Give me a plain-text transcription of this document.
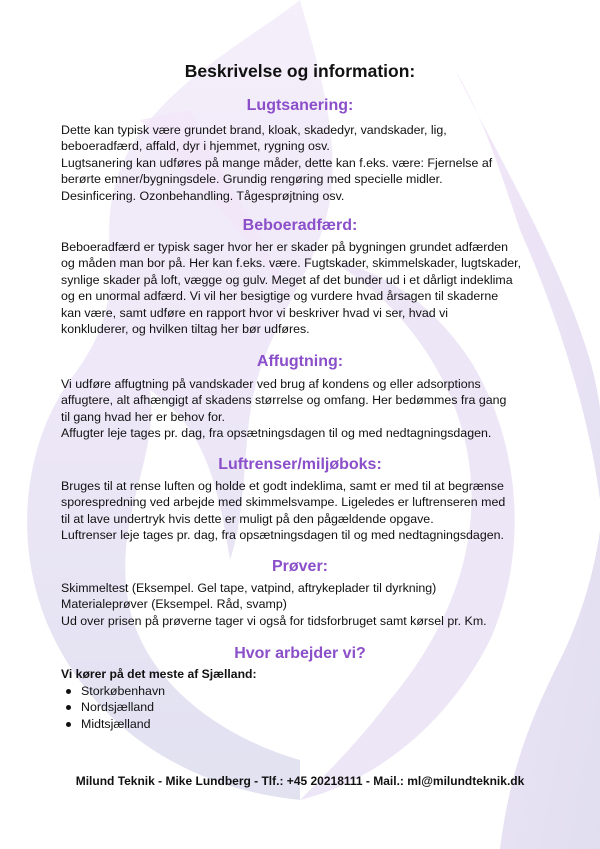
Beskrivelse og information:
Lugtsanering:
Dette kan typisk være grundet brand, kloak, skadedyr, vandskader, lig,
beboeradfærd, affald, dyr i hjemmet, rygning osv.
Lugtsanering kan udføres på mange måder, dette kan f.eks. være: Fjernelse af
berørte emner/bygningsdele. Grundig rengøring med specielle midler.
Desinficering. Ozonbehandling. Tågesprøjtning osv.
Beboeradfærd:
Beboeradfærd er typisk sager hvor her er skader på bygningen grundet adfærden
og måden man bor på. Her kan f.eks. være. Fugtskader, skimmelskader, lugtskader,
synlige skader på loft, vægge og gulv. Meget af det bunder ud i et dårligt indeklima
og en unormal adfærd. Vi vil her besigtige og vurdere hvad årsagen til skaderne
kan være, samt udføre en rapport hvor vi beskriver hvad vi ser, hvad vi
konkluderer, og hvilken tiltag her bør udføres.
Affugtning:
Vi udføre affugtning på vandskader ved brug af kondens og eller adsorptions
affugtere, alt afhængigt af skadens størrelse og omfang. Her bedømmes fra gang
til gang hvad her er behov for.
Affugter leje tages pr. dag, fra opsætningsdagen til og med nedtagningsdagen.
Luftrenser/miljøboks:
Bruges til at rense luften og holde et godt indeklima, samt er med til at begrænse
sporespredning ved arbejde med skimmelsvampe. Ligeledes er luftrenseren med
til at lave undertryk hvis dette er muligt på den pågældende opgave.
Luftrenser leje tages pr. dag, fra opsætningsdagen til og med nedtagningsdagen.
Prøver:
Skimmeltest (Eksempel. Gel tape, vatpind, aftrykeplader til dyrkning)
Materialeprøver (Eksempel. Råd, svamp)
Ud over prisen på prøverne tager vi også for tidsforbruget samt kørsel pr. Km.
Hvor arbejder vi?
Vi kører på det meste af Sjælland:
Storkøbenhavn
Nordsjælland
Midtsjælland
Milund Teknik - Mike Lundberg - Tlf.: +45 20218111 - Mail.: ml@milundteknik.dk
